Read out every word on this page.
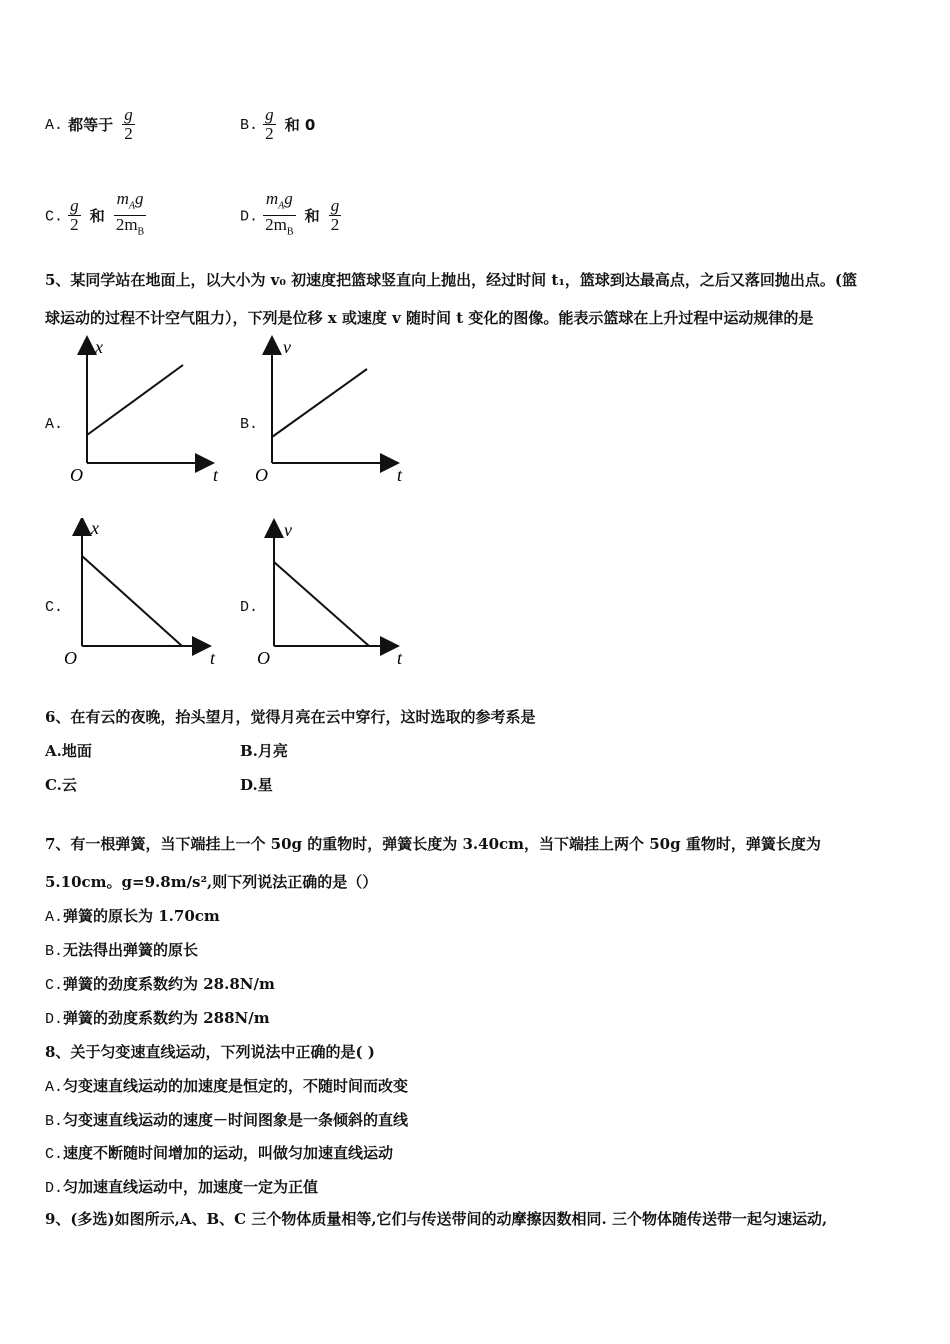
A. 都等于 $\frac{g}{2}$	B. $\frac{g}{2}$ 和 0
C. $\frac{g}{2}$ 和 $\frac{m_Ag}{2m_B}$	D. $\frac{m_Ag}{2m_B}$ 和 $\frac{g}{2}$
5、某同学站在地面上，以大小为 v₀ 初速度把篮球竖直向上抛出，经过时间 t₁，篮球到达最高点，之后又落回抛出点。(篮
球运动的过程不计空气阻力），下列是位移 x 或速度 v 随时间 t 变化的图像。能表示篮球在上升过程中运动规律的是
A.
x
t
O
B.
v
t
O
C.
x
t
O
D.
v
t
O
6、在有云的夜晚，抬头望月，觉得月亮在云中穿行，这时选取的参考系是
A.地面	B.月亮
C.云	D.星
7、有一根弹簧，当下端挂上一个 50g 的重物时，弹簧长度为 3.40cm，当下端挂上两个 50g 重物时，弹簧长度为
5.10cm。g=9.8m/s²,则下列说法正确的是（）
A.弹簧的原长为 1.70cm
B.无法得出弹簧的原长
C.弹簧的劲度系数约为 28.8N/m
D.弹簧的劲度系数约为 288N/m
8、关于匀变速直线运动，下列说法中正确的是( )
A.匀变速直线运动的加速度是恒定的，不随时间而改变
B.匀变速直线运动的速度－时间图象是一条倾斜的直线
C.速度不断随时间增加的运动，叫做匀加速直线运动
D.匀加速直线运动中，加速度一定为正值
9、(多选)如图所示,A、B、C 三个物体质量相等,它们与传送带间的动摩擦因数相同. 三个物体随传送带一起匀速运动,
